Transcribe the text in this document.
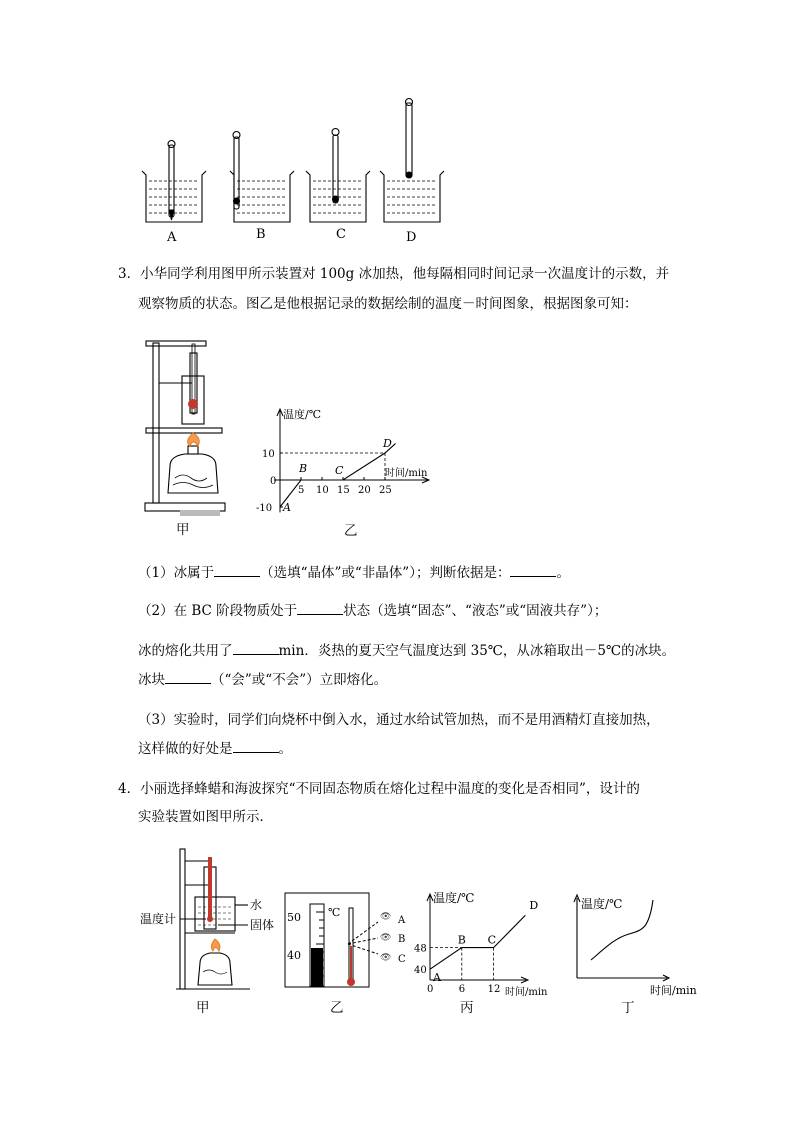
A	B	C	D
3．小华同学利用图甲所示装置对 100g 冰加热，他每隔相同时间记录一次温度计的示数，并
观察物质的状态。图乙是他根据记录的数据绘制的温度－时间图象，根据图象可知：
甲
5 10 15 20 25
10
-10
0
A
B	C
D
温度/℃
时间/min
乙
（1）冰属于	（选填“晶体”或“非晶体”）；判断依据是：	。
（2）在 BC 阶段物质处于	状态（选填“固态”、“液态”或“固液共存”）；
冰的熔化共用了	min．炎热的夏天空气温度达到 35℃，从冰箱取出－5℃的冰块。
冰块	（“会”或“不会”）立即熔化。
（3）实验时，同学们向烧杯中倒入水，通过水给试管加热，而不是用酒精灯直接加热，
这样做的好处是	。
4．小丽选择蜂蜡和海波探究“不同固态物质在熔化过程中温度的变化是否相同”，设计的
实验装置如图甲所示．
温度计
水
固体
甲
50
40
℃	👁
👁
👁
A
B
C
乙
0	6 12
48
40
A
B C
D
温度/℃
时间/min
丙
温度/℃
时间/min
丁
